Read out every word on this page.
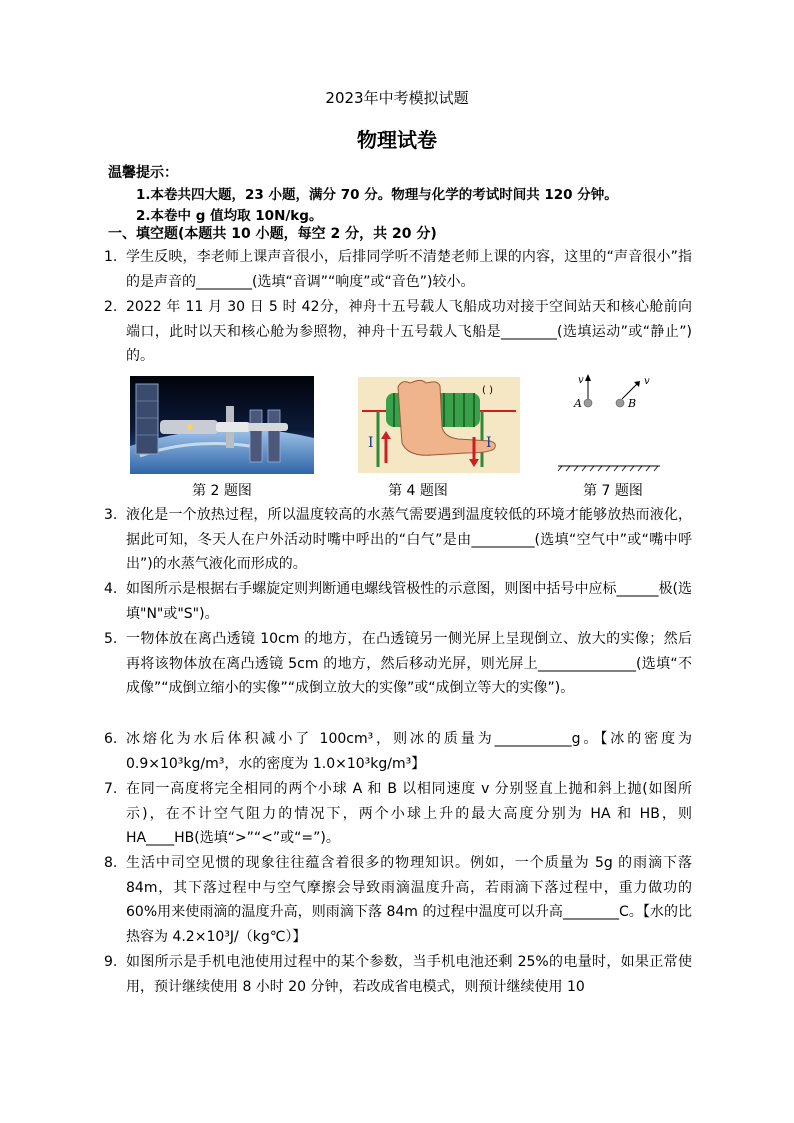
2023年中考模拟试题
物理试卷
温馨提示：
1.本卷共四大题，23 小题，满分 70 分。物理与化学的考试时间共 120 分钟。
2.本卷中 g 值均取 10N/kg。
一、填空题(本题共 10 小题，每空 2 分，共 20 分)
1. 学生反映，李老师上课声音很小，后排同学听不清楚老师上课的内容，这里的“声音很小”指的是声音的________(选填“音调”“响度”或“音色”)较小。
2. 2022 年 11 月 30 日 5 时 42分，神舟十五号载人飞船成功对接于空间站天和核心舱前向端口，此时以天和核心舱为参照物，神舟十五号载人飞船是________(选填运动”或“静止”)的。
第 2 题图
I	I
( )
第 4 题图
v	v
A	B
第 7 题图
3. 液化是一个放热过程，所以温度较高的水蒸气需要遇到温度较低的环境才能够放热而液化，据此可知，冬天人在户外活动时嘴中呼出的“白气”是由_________(选填“空气中”或“嘴中呼出”)的水蒸气液化而形成的。
4. 如图所示是根据右手螺旋定则判断通电螺线管极性的示意图，则图中括号中应标______极(选填"N"或"S")。
5. 一物体放在离凸透镜 10cm 的地方，在凸透镜另一侧光屏上呈现倒立、放大的实像；然后再将该物体放在离凸透镜 5cm 的地方，然后移动光屏，则光屏上______________(选填“不成像”“成倒立缩小的实像”“成倒立放大的实像”或“成倒立等大的实像”)。
6. 冰熔化为水后体积减小了 100cm³，则冰的质量为___________g。【冰的密度为 0.9×10³kg/m³，水的密度为 1.0×10³kg/m³】
7. 在同一高度将完全相同的两个小球 A 和 B 以相同速度 v 分别竖直上抛和斜上抛(如图所示)，在不计空气阻力的情况下，两个小球上升的最大高度分别为 HA 和 HB，则 HA____HB(选填“>”“<”或“=”)。
8. 生活中司空见惯的现象往往蕴含着很多的物理知识。例如，一个质量为 5g 的雨滴下落 84m，其下落过程中与空气摩擦会导致雨滴温度升高，若雨滴下落过程中，重力做功的 60%用来使雨滴的温度升高，则雨滴下落 84m 的过程中温度可以升高________C。【水的比热容为 4.2×10³J/（kg℃）】
9. 如图所示是手机电池使用过程中的某个参数，当手机电池还剩 25%的电量时，如果正常使用，预计继续使用 8 小时 20 分钟，若改成省电模式，则预计继续使用 10
